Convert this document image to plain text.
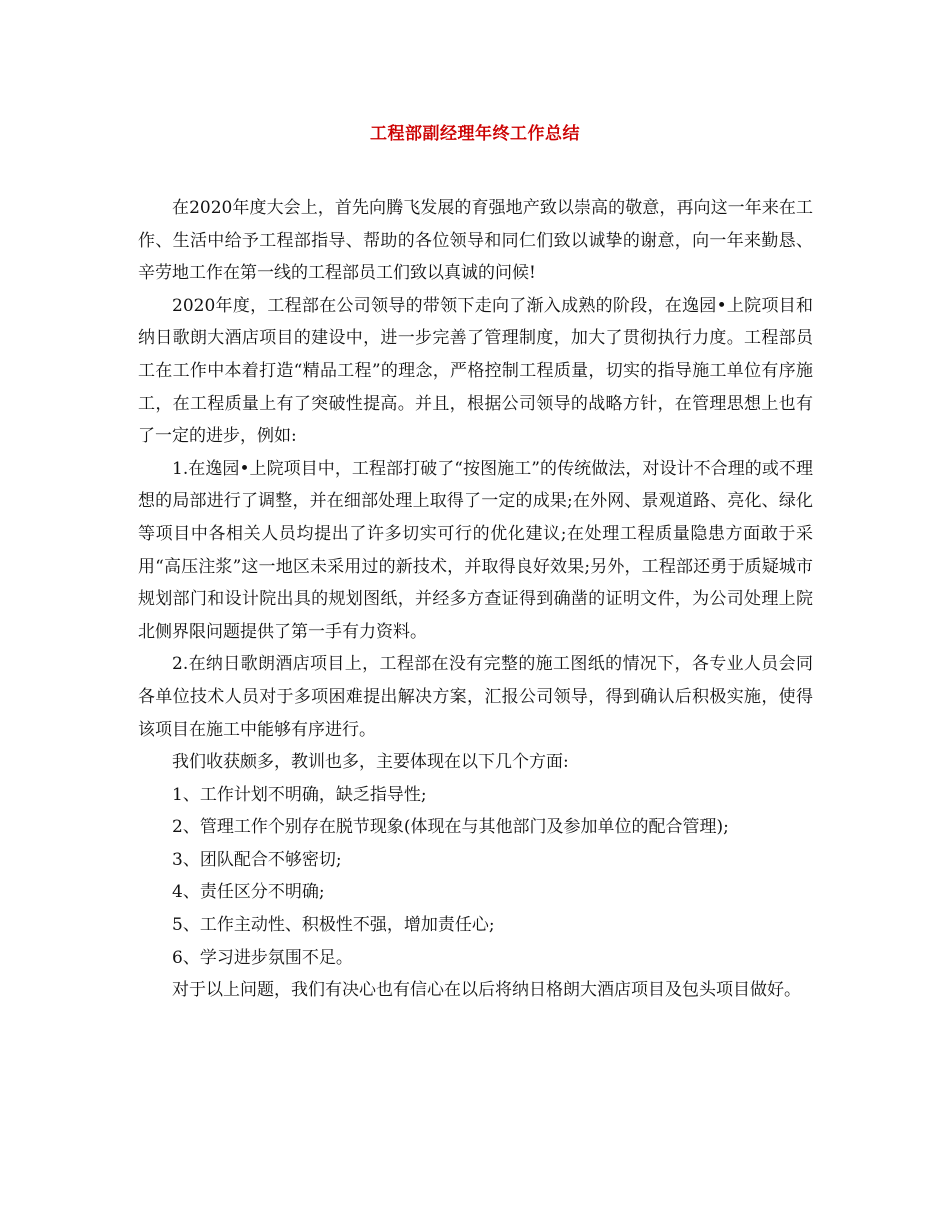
工程部副经理年终工作总结

在2020年度大会上，首先向腾飞发展的育强地产致以崇高的敬意，再向这一年来在工作、生活中给予工程部指导、帮助的各位领导和同仁们致以诚挚的谢意，向一年来勤恳、辛劳地工作在第一线的工程部员工们致以真诚的问候!

2020年度，工程部在公司领导的带领下走向了渐入成熟的阶段，在逸园•上院项目和纳日歌朗大酒店项目的建设中，进一步完善了管理制度，加大了贯彻执行力度。工程部员工在工作中本着打造“精品工程”的理念，严格控制工程质量，切实的指导施工单位有序施工，在工程质量上有了突破性提高。并且，根据公司领导的战略方针，在管理思想上也有了一定的进步，例如:

1.在逸园•上院项目中，工程部打破了“按图施工”的传统做法，对设计不合理的或不理想的局部进行了调整，并在细部处理上取得了一定的成果;在外网、景观道路、亮化、绿化等项目中各相关人员均提出了许多切实可行的优化建议;在处理工程质量隐患方面敢于采用“高压注浆”这一地区未采用过的新技术，并取得良好效果;另外，工程部还勇于质疑城市规划部门和设计院出具的规划图纸，并经多方查证得到确凿的证明文件，为公司处理上院北侧界限问题提供了第一手有力资料。

2.在纳日歌朗酒店项目上，工程部在没有完整的施工图纸的情况下，各专业人员会同各单位技术人员对于多项困难提出解决方案，汇报公司领导，得到确认后积极实施，使得该项目在施工中能够有序进行。

我们收获颇多，教训也多，主要体现在以下几个方面:

1、工作计划不明确，缺乏指导性;

2、管理工作个别存在脱节现象(体现在与其他部门及参加单位的配合管理);

3、团队配合不够密切;

4、责任区分不明确;

5、工作主动性、积极性不强，增加责任心;

6、学习进步氛围不足。

对于以上问题，我们有决心也有信心在以后将纳日格朗大酒店项目及包头项目做好。
